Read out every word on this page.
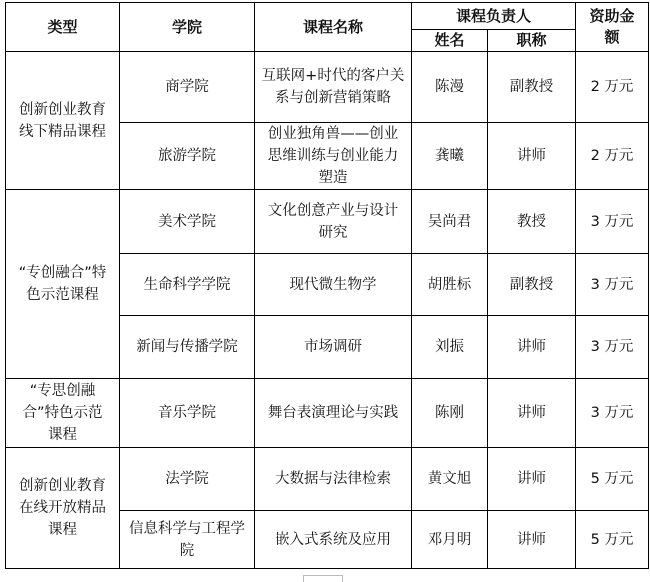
类型	学院	课程名称	课程负责人		资助金额
			姓名	职称	
创新创业教育线下精品课程	商学院	互联网+时代的客户关系与创新营销策略	陈漫	副教授	2 万元
	旅游学院	创业独角兽——创业思维训练与创业能力塑造	龚曦	讲师	2 万元
“专创融合”特色示范课程	美术学院	文化创意产业与设计研究	吴尚君	教授	3 万元
	生命科学学院	现代微生物学	胡胜标	副教授	3 万元
	新闻与传播学院	市场调研	刘振	讲师	3 万元
“专思创融合”特色示范课程	音乐学院	舞台表演理论与实践	陈刚	讲师	3 万元
创新创业教育在线开放精品课程	法学院	大数据与法律检索	黄文旭	讲师	5 万元
	信息科学与工程学院	嵌入式系统及应用	邓月明	讲师	5 万元
